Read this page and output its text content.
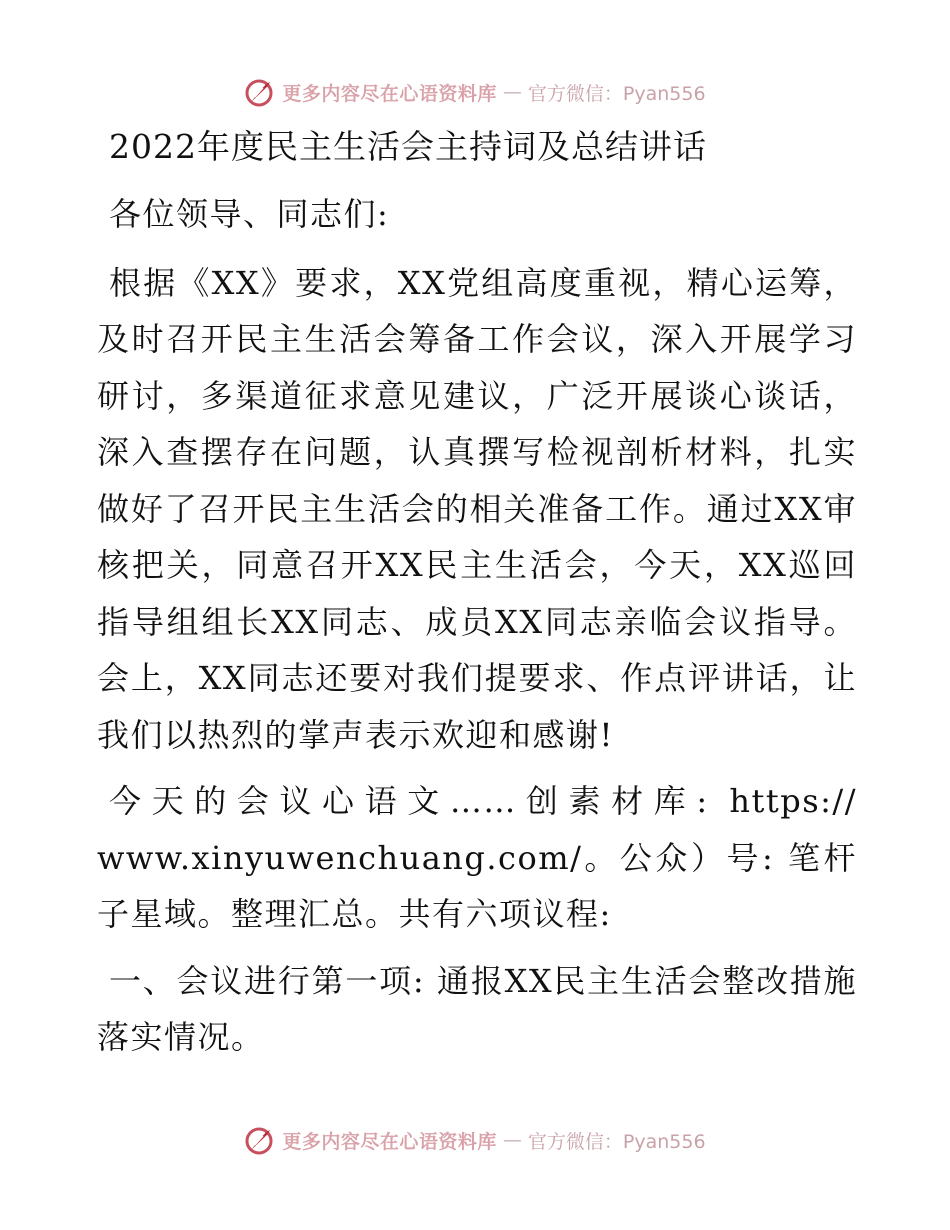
更多内容尽在心语资料库 — 官方微信：Pyan556
2022年度民主生活会主持词及总结讲话

各位领导、同志们:

根据《XX》要求，XX党组高度重视，精心运筹，及时召开民主生活会筹备工作会议，深入开展学习研讨，多渠道征求意见建议，广泛开展谈心谈话，深入查摆存在问题，认真撰写检视剖析材料，扎实做好了召开民主生活会的相关准备工作。通过XX审核把关，同意召开XX民主生活会，今天，XX巡回指导组组长XX同志、成员XX同志亲临会议指导。会上，XX同志还要对我们提要求、作点评讲话，让我们以热烈的掌声表示欢迎和感谢!

今天的会议心语文……创素材库: https:// www.xinyuwenchuang.com/。公众）号: 笔杆子星域。整理汇总。共有六项议程:

一、会议进行第一项: 通报XX民主生活会整改措施落实情况。

更多内容尽在心语资料库 — 官方微信：Pyan556
